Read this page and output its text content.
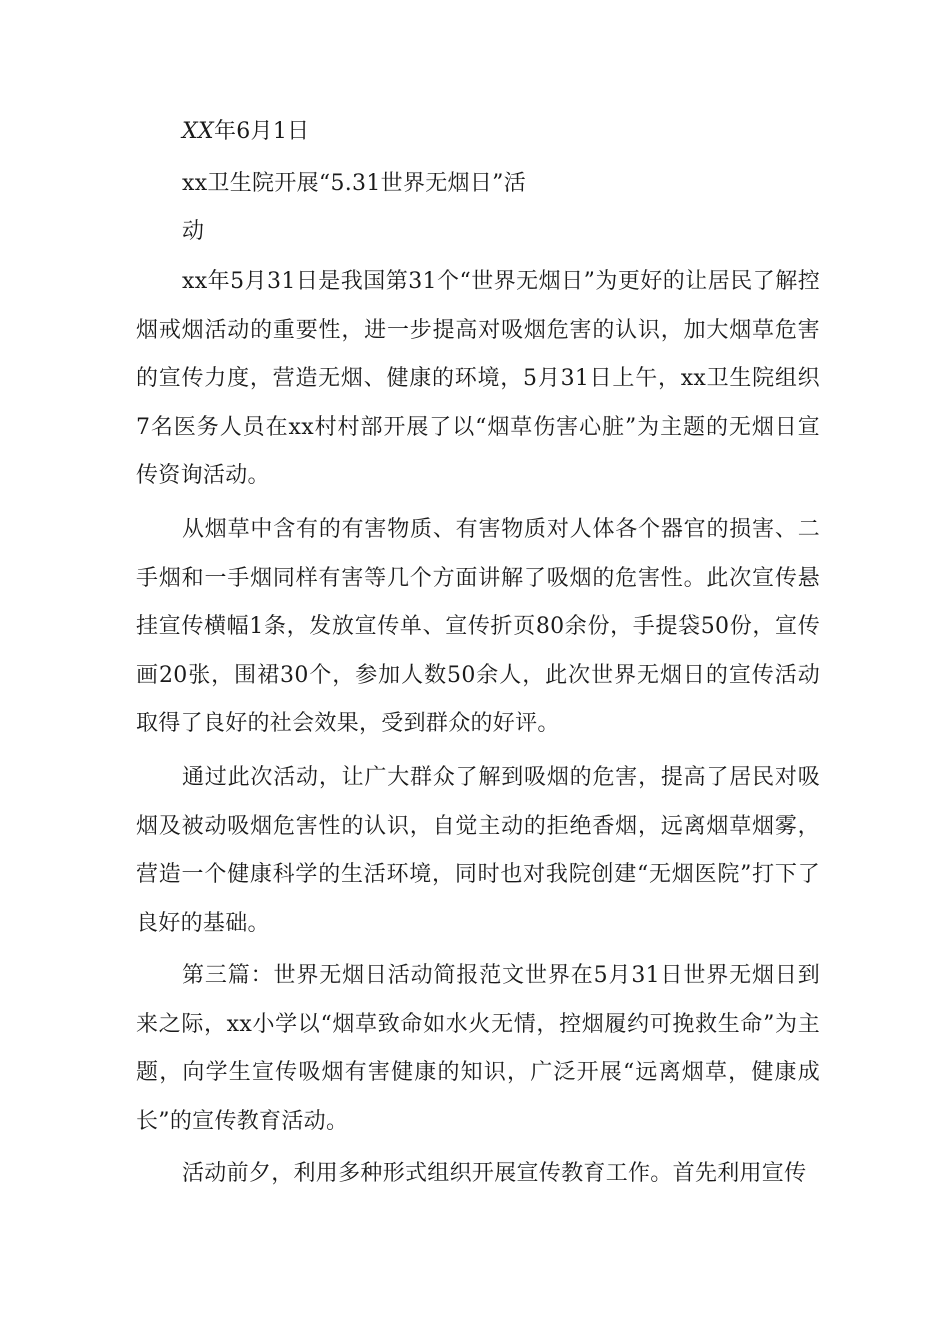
XX年6月1日

xx卫生院开展“5.31世界无烟日”活

动

xx年5月31日是我国第31个“世界无烟日”为更好的让居民了解控烟戒烟活动的重要性，进一步提高对吸烟危害的认识，加大烟草危害的宣传力度，营造无烟、健康的环境，5月31日上午，xx卫生院组织7名医务人员在xx村村部开展了以“烟草伤害心脏”为主题的无烟日宣传资询活动。

从烟草中含有的有害物质、有害物质对人体各个器官的损害、二手烟和一手烟同样有害等几个方面讲解了吸烟的危害性。此次宣传悬挂宣传横幅1条，发放宣传单、宣传折页80余份，手提袋50份，宣传画20张，围裙30个，参加人数50余人，此次世界无烟日的宣传活动取得了良好的社会效果，受到群众的好评。

通过此次活动，让广大群众了解到吸烟的危害，提高了居民对吸烟及被动吸烟危害性的认识，自觉主动的拒绝香烟，远离烟草烟雾，营造一个健康科学的生活环境，同时也对我院创建“无烟医院”打下了良好的基础。

第三篇：世界无烟日活动简报范文世界在5月31日世界无烟日到来之际，xx小学以“烟草致命如水火无情，控烟履约可挽救生命”为主题，向学生宣传吸烟有害健康的知识，广泛开展“远离烟草，健康成长”的宣传教育活动。

活动前夕，利用多种形式组织开展宣传教育工作。首先利用宣传
